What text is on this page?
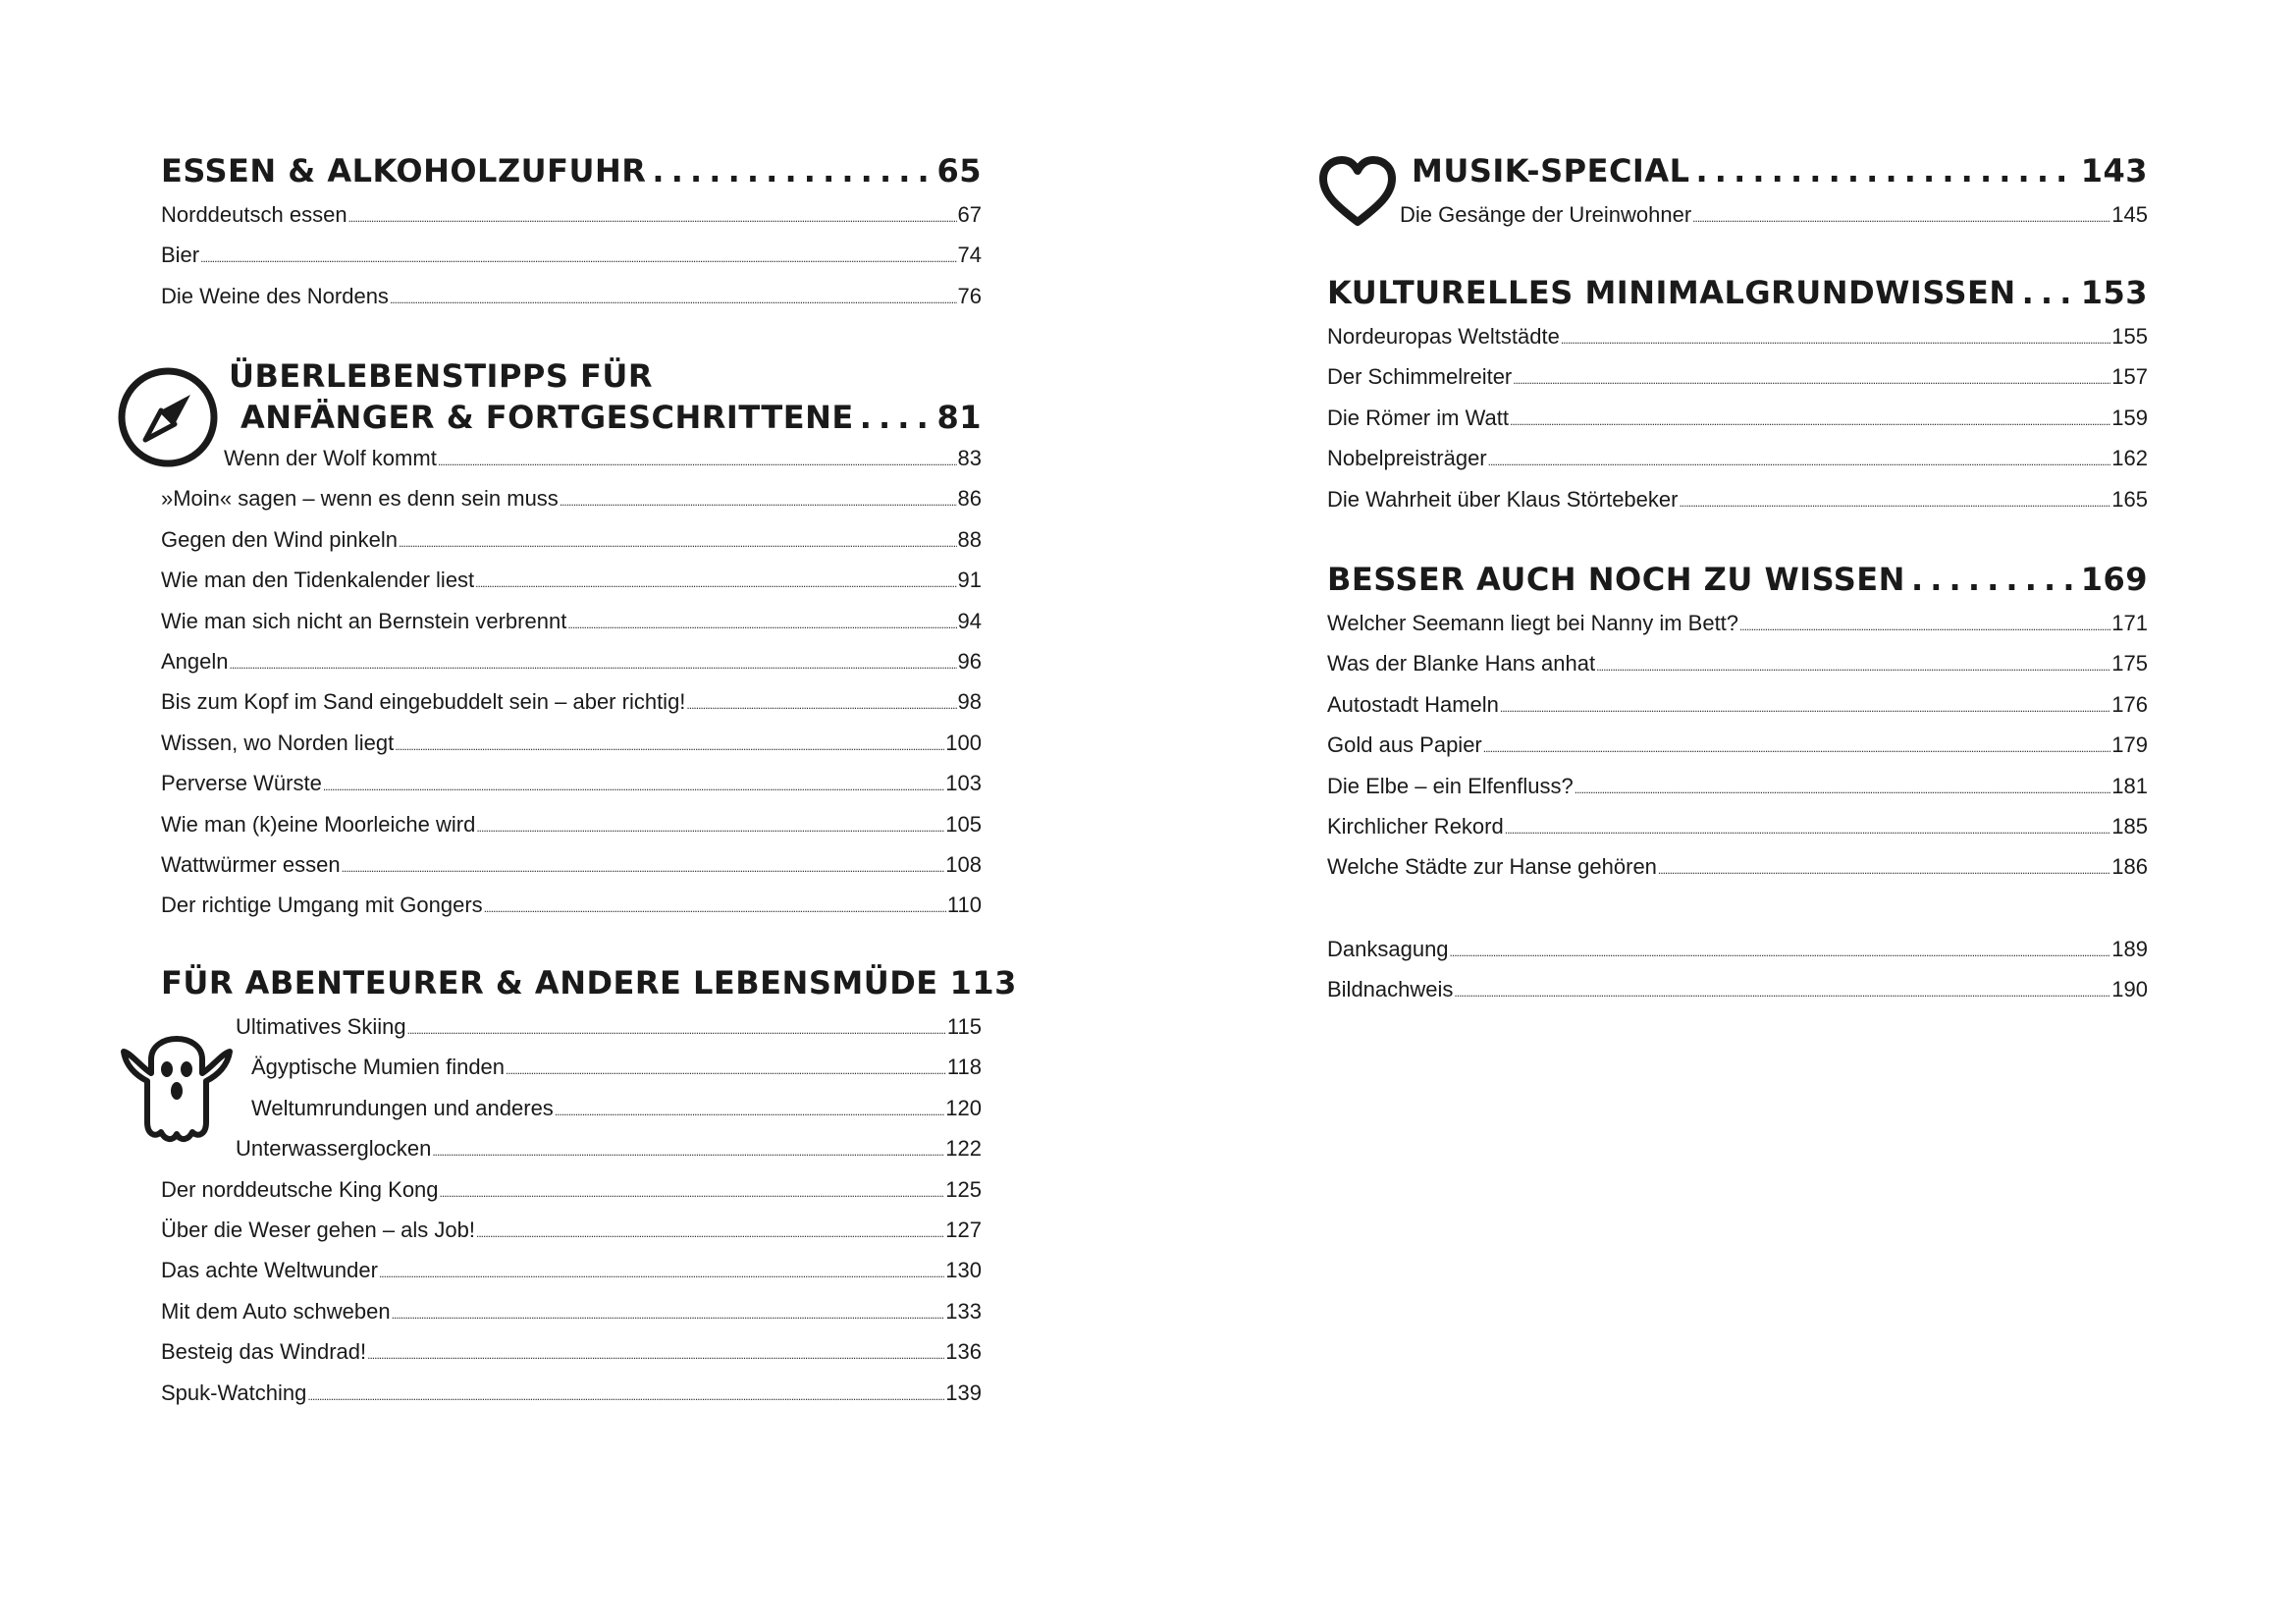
ESSEN & ALKOHOLZUFUHR . . .	65
Norddeutsch essen .....	67
Bier .....	74
Die Weine des Nordens .....	76
ÜBERLEBENSTIPPS FÜR
ANFÄNGER & FORTGESCHRITTENE . . .	81
Wenn der Wolf kommt .....	83
»Moin« sagen – wenn es denn sein muss .....	86
Gegen den Wind pinkeln .....	88
Wie man den Tidenkalender liest .....	91
Wie man sich nicht an Bernstein verbrennt .....	94
Angeln .....	96
Bis zum Kopf im Sand eingebuddelt sein – aber richtig! .....	98
Wissen, wo Norden liegt .....	100
Perverse Würste .....	103
Wie man (k)eine Moorleiche wird .....	105
Wattwürmer essen .....	108
Der richtige Umgang mit Gongers .....	110
FÜR ABENTEURER & ANDERE LEBENSMÜDE 113
Ultimatives Skiing .....	115
Ägyptische Mumien finden .....	118
Weltumrundungen und anderes .....	120
Unterwasserglocken .....	122
Der norddeutsche King Kong .....	125
Über die Weser gehen – als Job! .....	127
Das achte Weltwunder .....	130
Mit dem Auto schweben .....	133
Besteig das Windrad! .....	136
Spuk-Watching .....	139
MUSIK-SPECIAL . . .	143
Die Gesänge der Ureinwohner .....	145
KULTURELLES MINIMALGRUNDWISSEN . . . 153
Nordeuropas Weltstädte .....	155
Der Schimmelreiter .....	157
Die Römer im Watt .....	159
Nobelpreisträger .....	162
Die Wahrheit über Klaus Störtebeker .....	165
BESSER AUCH NOCH ZU WISSEN . . .	169
Welcher Seemann liegt bei Nanny im Bett? .....	171
Was der Blanke Hans anhat .....	175
Autostadt Hameln .....	176
Gold aus Papier .....	179
Die Elbe – ein Elfenfluss? .....	181
Kirchlicher Rekord .....	185
Welche Städte zur Hanse gehören .....	186
Danksagung .....	189
Bildnachweis .....	190
